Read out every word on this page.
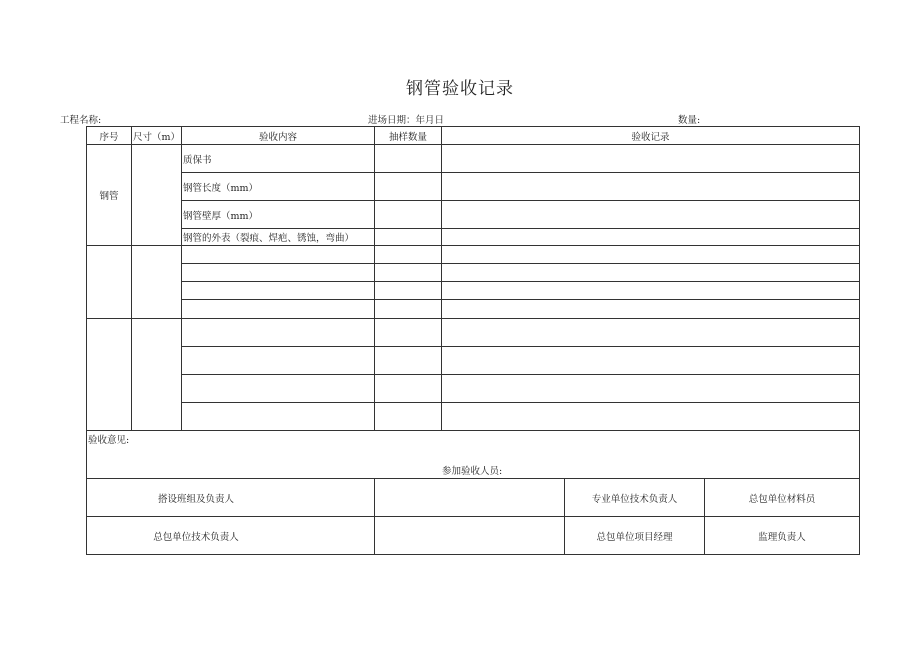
钢管验收记录
工程名称:	进场日期：年月日	数量:
序号	尺寸（m）	验收内容	抽样数量	验收记录		
钢管		质保书				
		钢管长度（mm）				
		钢管壁厚（mm）				
		钢管的外表（裂痕、焊疤、锈蚀，弯曲）				

验收意见:
参加验收人员:						

搭设班组及负责人					专业单位技术负责人	总包单位材料员
总包单位技术负责人					总包单位项目经理	监理负责人
